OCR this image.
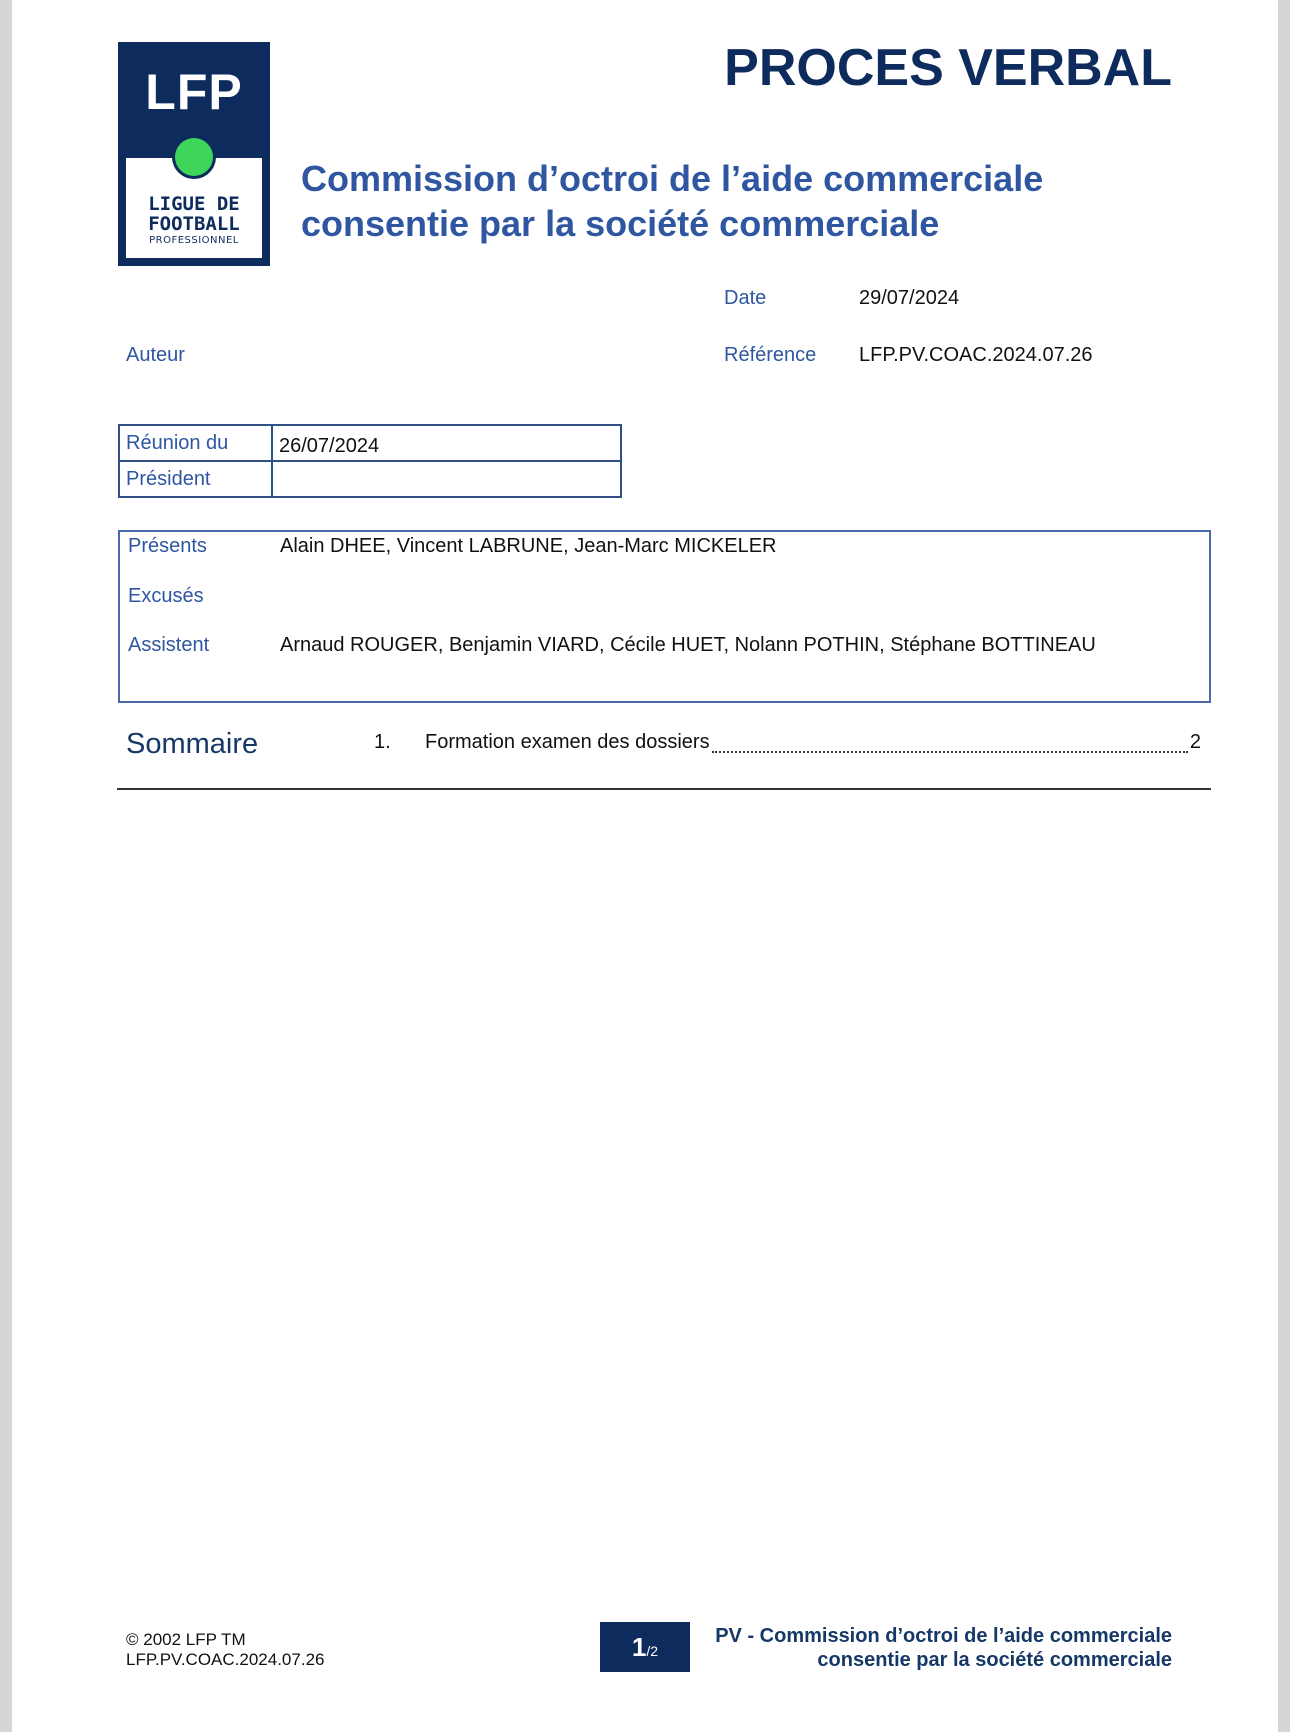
LFP
LIGUE DE
FOOTBALL
PROFESSIONNEL
PROCES VERBAL
Commission d’octroi de l’aide commerciale
consentie par la société commerciale
Date	29/07/2024
Auteur	Référence LFP.PV.COAC.2024.07.26
Réunion du	26/07/2024
Président	
Présents	Alain DHEE, Vincent LABRUNE, Jean-Marc MICKELER
Excusés
Assistent	Arnaud ROUGER, Benjamin VIARD, Cécile HUET, Nolann POTHIN, Stéphane BOTTINEAU
Sommaire	1. Formation examen des dossiers	2
© 2002 LFP TM
LFP.PV.COAC.2024.07.26	1/2
PV - Commission d’octroi de l’aide commerciale
consentie par la société commerciale
